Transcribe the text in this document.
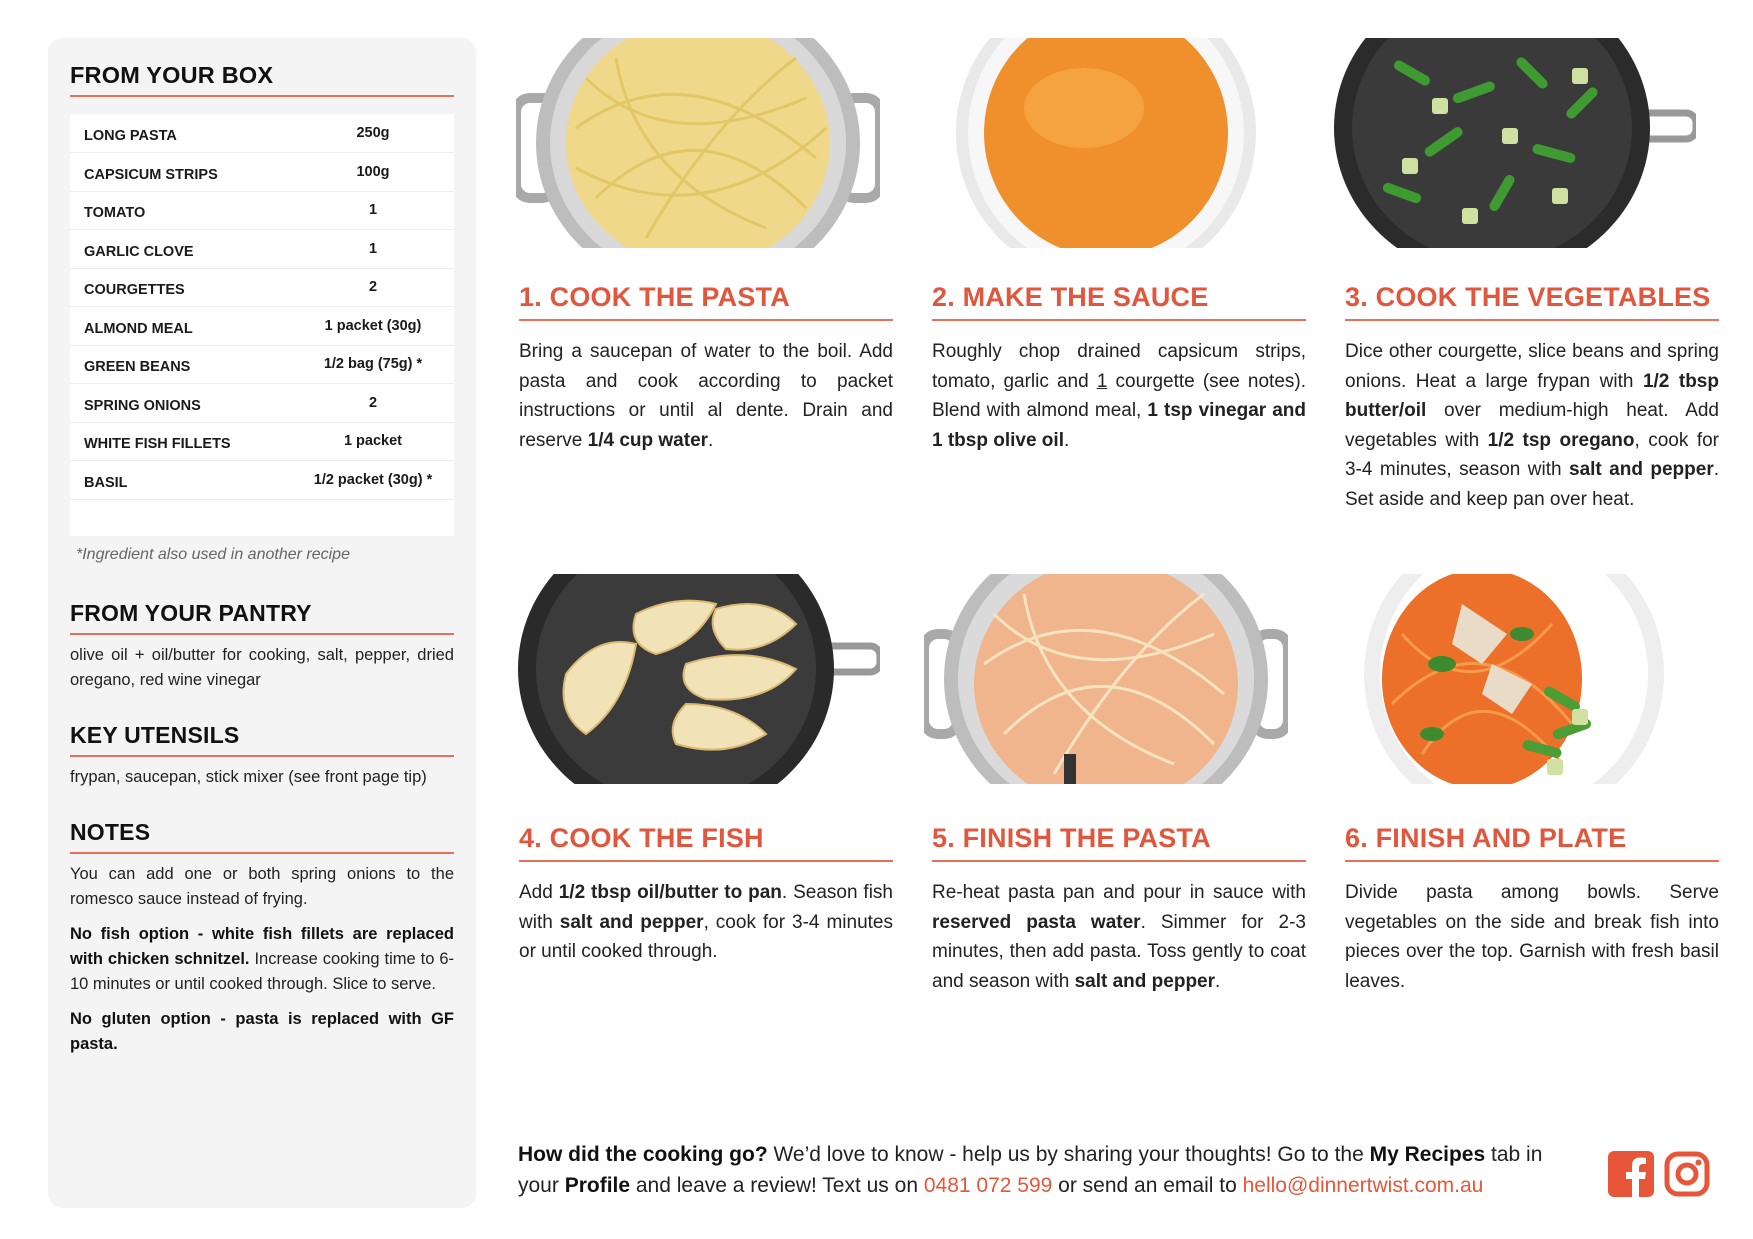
FROM YOUR BOX
LONG PASTA	250g
CAPSICUM STRIPS	100g
TOMATO	1
GARLIC CLOVE	1
COURGETTES	2
ALMOND MEAL	1 packet (30g)
GREEN BEANS	1/2 bag (75g) *
SPRING ONIONS	2
WHITE FISH FILLETS	1 packet
BASIL	1/2 packet (30g) *
*Ingredient also used in another recipe
FROM YOUR PANTRY
olive oil + oil/butter for cooking, salt, pepper, dried oregano, red wine vinegar
KEY UTENSILS
frypan, saucepan, stick mixer (see front page tip)
NOTES

You can add one or both spring onions to the romesco sauce instead of frying.

No fish option - white fish fillets are replaced with chicken schnitzel. Increase cooking time to 6-10 minutes or until cooked through. Slice to serve.

No gluten option - pasta is replaced with GF pasta.

1. COOK THE PASTA
Bring a saucepan of water to the boil. Add pasta and cook according to packet instructions or until al dente. Drain and reserve 1/4 cup water.
2. MAKE THE SAUCE
Roughly chop drained capsicum strips, tomato, garlic and 1 courgette (see notes). Blend with almond meal, 1 tsp vinegar and 1 tbsp olive oil.
3. COOK THE VEGETABLES
Dice other courgette, slice beans and spring onions. Heat a large frypan with 1/2 tbsp butter/oil over medium-high heat. Add vegetables with 1/2 tsp oregano, cook for 3-4 minutes, season with salt and pepper. Set aside and keep pan over heat.
4. COOK THE FISH
Add 1/2 tbsp oil/butter to pan. Season fish with salt and pepper, cook for 3-4 minutes or until cooked through.
5. FINISH THE PASTA
Re-heat pasta pan and pour in sauce with reserved pasta water. Simmer for 2-3 minutes, then add pasta. Toss gently to coat and season with salt and pepper.
6. FINISH AND PLATE
Divide pasta among bowls. Serve vegetables on the side and break fish into pieces over the top. Garnish with fresh basil leaves.
How did the cooking go? We’d love to know - help us by sharing your thoughts! Go to the My Recipes tab in your Profile and leave a review! Text us on 0481 072 599 or send an email to hello@dinnertwist.com.au
